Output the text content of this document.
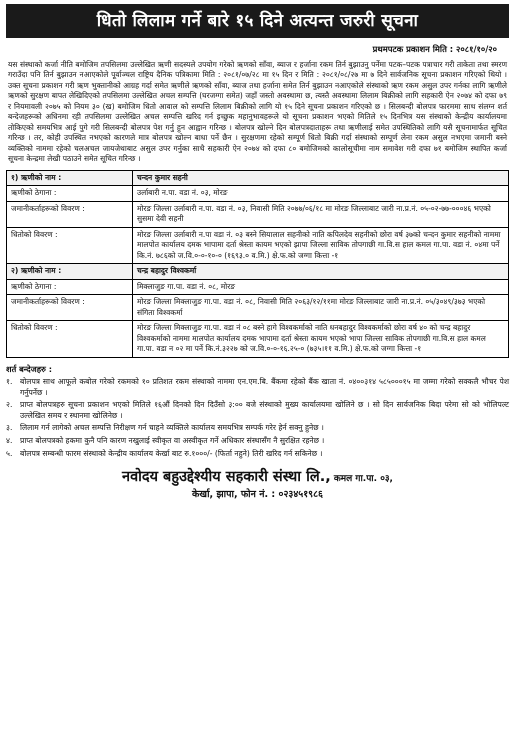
धितो लिलाम गर्ने बारे १५ दिने अत्यन्त जरुरी सूचना
प्रथमपटक प्रकाशन मिति : २०८१/१०/२०

यस संस्थाको कर्जा नीति बमोजिम तपसिलमा उल्लेखित ऋणी सदस्यले उपयोग गरेको ऋणको साँवा, ब्याज र हर्जाना रकम तिर्न बुझाउनु पर्नेमा पटक–पटक पत्राचार गरी ताकेता तथा स्मरण गराउँदा पनि तिर्न बुझाउन नआएकोले पूर्वाञ्चल राष्ट्रिय दैनिक पत्रिकामा मिति : २०८१/०७/२८ मा १५ दिन र मिति : २०८१/०८/२७ मा ७ दिने सार्वजनिक सूचना प्रकाशन गरिएको थियो । उक्त सूचना प्रकाशन गरी ऋण भुक्तानीको आग्रह गर्दा समेत ऋणीले ऋणको साँवा, ब्याज तथा हर्जाना समेत तिर्न बुझाउन नआएकोले संस्थाको ऋण रकम असुल उपर गर्नका लागि ऋणीले ऋणको सुरक्षण बापत लेखिदिएको तपसिलमा उल्लेखित अचल सम्पत्ति (घरजग्गा समेत) जहाँ जस्तो अवस्थामा छ, त्यस्तै अवस्थामा लिलाम बिक्रीको लागि सहकारी ऐन २०७४ को दफा ७९ र नियमावली २०७५ को नियम ३० (ख) बमोजिम धितो आवाल को सम्पत्ति लिलाम बिक्रीको लागि यो १५ दिने सूचना प्रकाशन गरिएको छ । सिलबन्दी बोलपत्र फारममा साथ संलग्न शर्त बन्देजहरूको अधिनमा रही तपसिलमा उल्लेखित अचल सम्पत्ति खरिद गर्न इच्छुक महानुभावहरूले यो सूचना प्रकाशन भएको मितिले १५ दिनभित्र यस संस्थाको केन्द्रीय कार्यालयमा तोकिएको समयभित्र आई पुगे गरी सिलबन्दी बोलपत्र पेश गर्नु हुन आह्वान गरिन्छ । बोलपत्र खोल्ने दिन बोलपत्रदाताहरू तथा ऋणीलाई समेत उपस्थितिको लागि यसै सूचनामार्फत सूचित गरिन्छ । तर, कोही उपस्थित नभएको कारणले मात्र बोलपत्र खोल्न बाधा पर्ने छैन । सुरक्षणमा रहेको सम्पूर्ण धितो बिक्री गर्दा संस्थाको सम्पूर्ण लेना रकम असुल नभएमा जमानी बस्ने व्यक्तिको नाममा रहेको चलअचल जायजेथाबाट असुल उपर गर्नुका साथै सहकारी ऐन २०७४ को दफा ८० बमोजिमको कालोसूचीमा नाम समावेश गरी दफा ७१ बमोजिम स्थापित कर्जा सूचना केन्द्रमा लेखी पठाउने समेत सूचित गरिन्छ ।

१) ऋणीको नाम :	चन्दन कुमार सहनी
ऋणीको ठेगाना :	उर्लाबारी न.पा. वडा नं. ०३, मोरङ
जमानीकर्ताहरूको विवरण :	मोरङ जिल्ला उर्लाबारी न.पा. वडा नं. ०३, निवासी मिति २०७७/०६/१८ मा मोरङ जिल्लाबाट जारी ना.प्र.नं. ०५-०२-७७-०००४६ भएको सुसमा देवी सहनी
धितोको विवरण :	मोरङ जिल्ला उर्लाबारी न.पा वडा नं. ०३ बस्ने सियालाल सहनीको नाति कपिलदेव सहनीको छोरा वर्ष ३७को चन्दन कुमार सहनीको नाममा मालपोत कार्यालय दमक भापामा दर्ता श्रेस्ता कायम भएको झापा जिल्ला साविक तोपगाछी गा.वि.स हाल कमल गा.पा. वडा नं. ०४मा पर्ने कि.नं. ७८६को ज.वि.०-०-१०-० (१६९३.० व.मि.) क्षे.फ.को जग्गा कित्ता -१
२) ऋणीको नाम :	चन्द्र बहादुर विश्वकर्मा
ऋणीको ठेगाना :	मिक्लाजुङ गा.पा. वडा नं. ०८, मोरङ
जमानीकर्ताहरूको विवरण :	मोरङ जिल्ला मिक्लाजुङ गा.पा. वडा नं. ०८, निवासी मिति २०६३/१२/११मा मोरङ जिल्लाबाट जारी ना.प्र.नं. ०५/३०४९/३७३ भएको संगिता विश्वकर्मा
धितोको विवरण :	मोरङ जिल्ला मिक्लाजुङ गा.पा. वडा नं ०८ बस्ने हागे विश्वकर्माको नाति धनबहादुर विश्वकर्माको छोरा वर्ष ४० को चन्द्र बहादुर विश्वकर्माको नाममा मालपोत कार्यालय दमक भापामा दर्ता श्रेस्ता कायम भएको भापा जिल्ला साविक तोपगाछी गा.वि.स हाल कमल गा.पा. वडा न ०२ मा पर्ने कि.नं.३२२७ को ज.वि.०-०-१६.२५-० (७३५।११ व.मि.) क्षे.फ.को जग्गा कित्ता -१
शर्त बन्देजहरु :
१.	बोलपत्र साथ आफूले कबोल गरेको रकमको १० प्रतिशत रकम संस्थाको नाममा एन.एम.बि. बैंकमा रहेको बैंक खाता नं. ०४००३१४ ५८५०००१५ मा जम्मा गरेको सक्कलै भौचर पेश गर्नुपर्नेछ ।
२.	प्राप्त बोलपत्रहरु सूचना प्रकाशन भएको मितिले १६औं दिनको दिन दिउँसो ३:०० बजे संस्थाको मुख्य कार्यालयमा खोलिने छ । सो दिन सार्वजनिक बिदा परेमा सो को भोलिपल्ट उल्लेखित समय र स्थानमा खोलिनेछ ।
३.	लिलाम गर्न लागेको अचल सम्पत्ति निरीक्षण गर्न चाहने व्यक्तिले कार्यालय समयभित्र सम्पर्क गरेर हेर्न सक्नु हुनेछ ।
४.	प्राप्त बोलपत्रको हकमा कुनै पनि कारण नखुलाई स्वीकृत वा अस्वीकृत गर्ने अधिकार संस्थासँग नै सुरक्षित रहनेछ ।
५.	बोलपत्र सम्बन्धी फारम संस्थाको केन्द्रीय कार्यालय केर्खा बाट रु.१०००/- (फिर्ता नहुने) तिरी खरिद गर्न सकिनेछ ।
नवोदय बहुउद्देश्यीय सहकारी संस्था लि., कमल गा.पा. ०३,
केर्खा, झापा, फोन नं. : ०२३४५१९८६
